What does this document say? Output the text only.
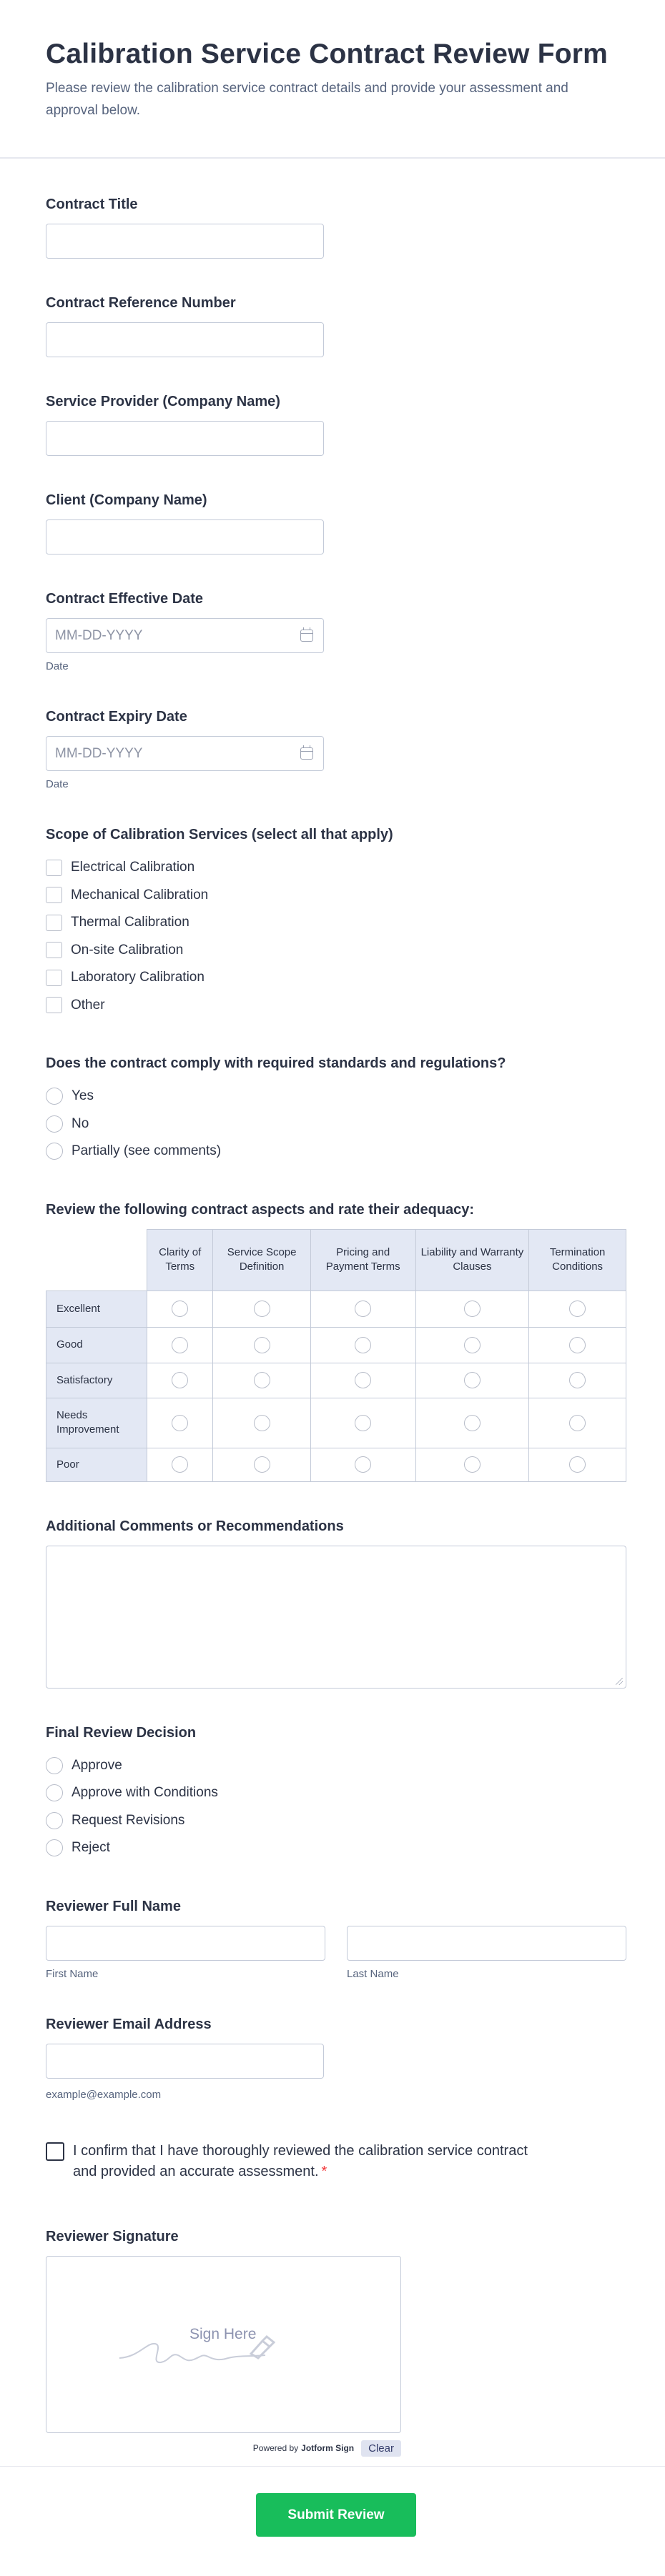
Calibration Service Contract Review Form

Please review the calibration service contract details and provide your assessment and approval below.

Contract Title
Contract Reference Number
Service Provider (Company Name)
Client (Company Name)
Contract Effective Date
MM-DD-YYYY
Date
Contract Expiry Date
MM-DD-YYYY
Date
Scope of Calibration Services (select all that apply)
Electrical Calibration
Mechanical Calibration
Thermal Calibration
On-site Calibration
Laboratory Calibration
Other
Does the contract comply with required standards and regulations?
Yes
No
Partially (see comments)
Review the following contract aspects and rate their adequacy:
	Clarity of Terms	Service Scope Definition	Pricing and Payment Terms	Liability and Warranty Clauses	Termination Conditions
Excellent					
Good					
Satisfactory					
Needs Improvement					
Poor					
Additional Comments or Recommendations
Final Review Decision
Approve
Approve with Conditions
Request Revisions
Reject
Reviewer Full Name
First Name	Last Name
Reviewer Email Address
example@example.com
I confirm that I have thoroughly reviewed the calibration service contract and provided an accurate assessment. *
Reviewer Signature
Sign Here
Powered by Jotform Sign	Clear
Submit Review
